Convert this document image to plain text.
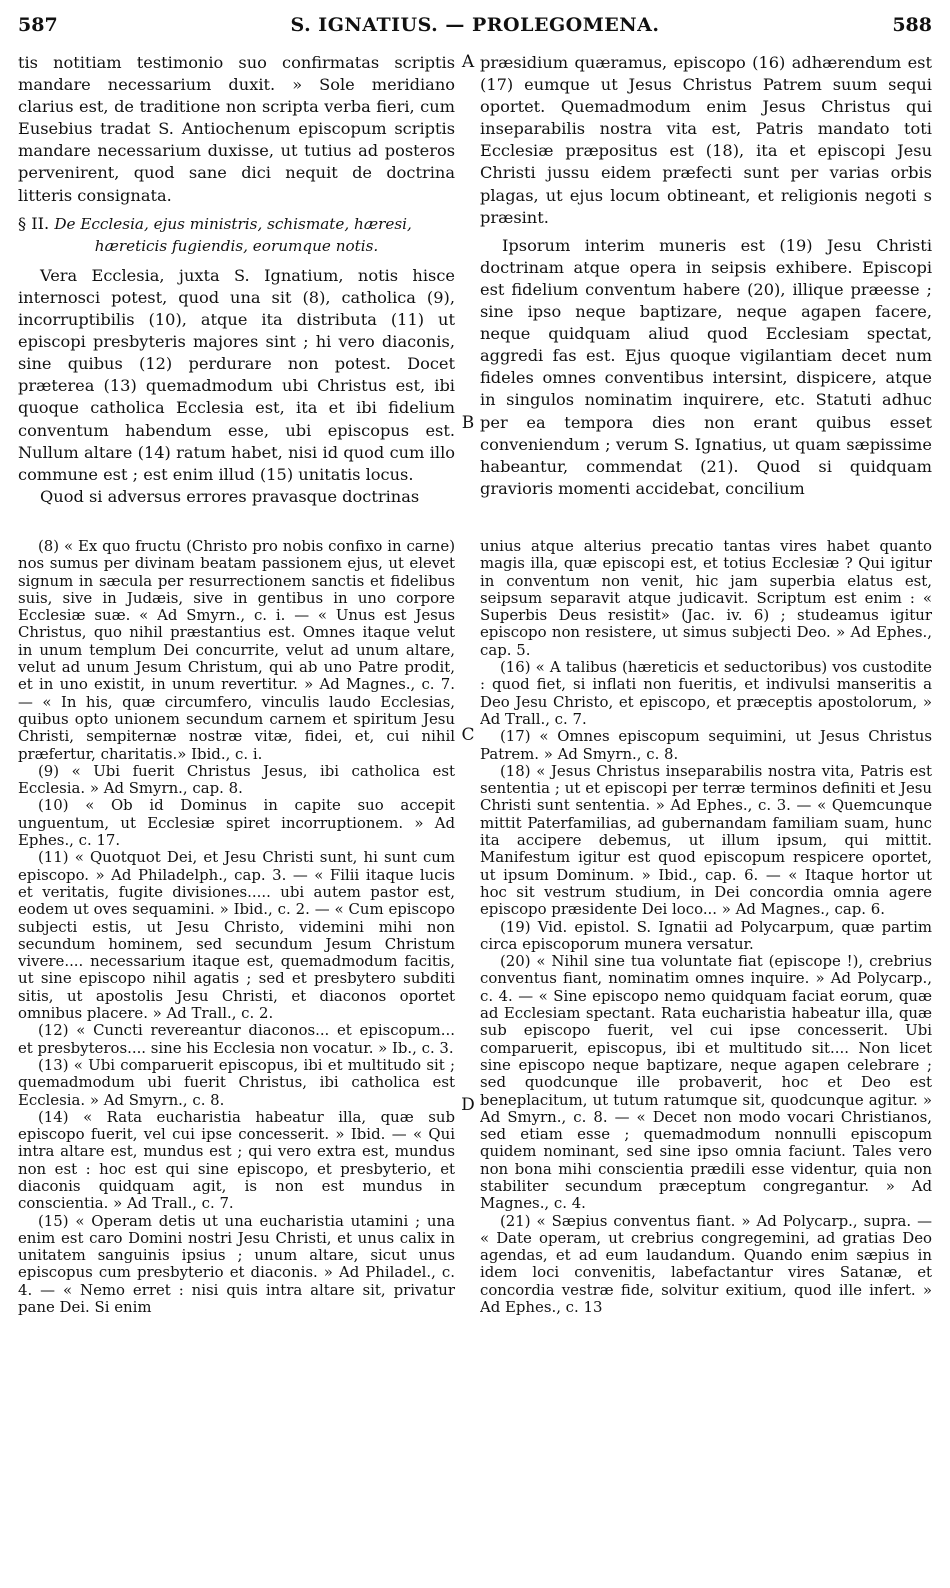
587	S. IGNATIUS. — PROLEGOMENA.	588

tis notitiam testimonio suo confirmatas scriptis mandare necessarium duxit. » Sole meridiano clarius est, de traditione non scripta verba fieri, cum Eusebius tradat S. Antiochenum episcopum scriptis mandare necessarium duxisse, ut tutius ad posteros pervenirent, quod sane dici nequit de doctrina litteris consignata.

§ II. De Ecclesia, ejus ministris, schismate, hæresi,
hæreticis fugiendis, eorumque notis.

Vera Ecclesia, juxta S. Ignatium, notis hisce internosci potest, quod una sit (8), catholica (9), incorruptibilis (10), atque ita distributa (11) ut episcopi presbyteris majores sint ; hi vero diaconis, sine quibus (12) perdurare non potest. Docet præterea (13) quemadmodum ubi Christus est, ibi quoque catholica Ecclesia est, ita et ibi fidelium conventum habendum esse, ubi episcopus est. Nullum altare (14) ratum habet, nisi id quod cum illo commune est ; est enim illud (15) unitatis locus.

Quod si adversus errores pravasque doctrinas

præsidium quæramus, episcopo (16) adhærendum est (17) eumque ut Jesus Christus Patrem suum sequi oportet. Quemadmodum enim Jesus Christus qui inseparabilis nostra vita est, Patris mandato toti Ecclesiæ præpositus est (18), ita et episcopi Jesu Christi jussu eidem præfecti sunt per varias orbis plagas, ut ejus locum obtineant, et religionis negoti s præsint.

Ipsorum interim muneris est (19) Jesu Christi doctrinam atque opera in seipsis exhibere. Episcopi est fidelium conventum habere (20), illique præesse ; sine ipso neque baptizare, neque agapen facere, neque quidquam aliud quod Ecclesiam spectat, aggredi fas est. Ejus quoque vigilantiam decet num fideles omnes conventibus intersint, dispicere, atque in singulos nominatim inquirere, etc. Statuti adhuc per ea tempora dies non erant quibus esset conveniendum ; verum S. Ignatius, ut quam sæpissime habeantur, commendat (21). Quod si quidquam gravioris momenti accidebat, concilium

(8) « Ex quo fructu (Christo pro nobis confixo in carne) nos sumus per divinam beatam passionem ejus, ut elevet signum in sæcula per resurrectionem sanctis et fidelibus suis, sive in Judæis, sive in gentibus in uno corpore Ecclesiæ suæ. « Ad Smyrn., c. i. — « Unus est Jesus Christus, quo nihil præstantius est. Omnes itaque velut in unum templum Dei concurrite, velut ad unum altare, velut ad unum Jesum Christum, qui ab uno Patre prodit, et in uno existit, in unum revertitur. » Ad Magnes., c. 7. — « In his, quæ circumfero, vinculis laudo Ecclesias, quibus opto unionem secundum carnem et spiritum Jesu Christi, sempiternæ nostræ vitæ, fidei, et, cui nihil præfertur, charitatis.» Ibid., c. i.

(9) « Ubi fuerit Christus Jesus, ibi catholica est Ecclesia. » Ad Smyrn., cap. 8.

(10) « Ob id Dominus in capite suo accepit unguentum, ut Ecclesiæ spiret incorruptionem. » Ad Ephes., c. 17.

(11) « Quotquot Dei, et Jesu Christi sunt, hi sunt cum episcopo. » Ad Philadelph., cap. 3. — « Filii itaque lucis et veritatis, fugite divisiones..... ubi autem pastor est, eodem ut oves sequamini. » Ibid., c. 2. — « Cum episcopo subjecti estis, ut Jesu Christo, videmini mihi non secundum hominem, sed secundum Jesum Christum vivere.... necessarium itaque est, quemadmodum facitis, ut sine episcopo nihil agatis ; sed et presbytero subditi sitis, ut apostolis Jesu Christi, et diaconos oportet omnibus placere. » Ad Trall., c. 2.

(12) « Cuncti revereantur diaconos... et episcopum... et presbyteros.... sine his Ecclesia non vocatur. » Ib., c. 3.

(13) « Ubi comparuerit episcopus, ibi et multitudo sit ; quemadmodum ubi fuerit Christus, ibi catholica est Ecclesia. » Ad Smyrn., c. 8.

(14) « Rata eucharistia habeatur illa, quæ sub episcopo fuerit, vel cui ipse concesserit. » Ibid. — « Qui intra altare est, mundus est ; qui vero extra est, mundus non est : hoc est qui sine episcopo, et presbyterio, et diaconis quidquam agit, is non est mundus in conscientia. » Ad Trall., c. 7.

(15) « Operam detis ut una eucharistia utamini ; una enim est caro Domini nostri Jesu Christi, et unus calix in unitatem sanguinis ipsius ; unum altare, sicut unus episcopus cum presbyterio et diaconis. » Ad Philadel., c. 4. — « Nemo erret : nisi quis intra altare sit, privatur pane Dei. Si enim

unius atque alterius precatio tantas vires habet quanto magis illa, quæ episcopi est, et totius Ecclesiæ ? Qui igitur in conventum non venit, hic jam superbia elatus est, seipsum separavit atque judicavit. Scriptum est enim : « Superbis Deus resistit» (Jac. iv. 6) ; studeamus igitur episcopo non resistere, ut simus subjecti Deo. » Ad Ephes., cap. 5.

(16) « A talibus (hæreticis et seductoribus) vos custodite : quod fiet, si inflati non fueritis, et indivulsi manseritis a Deo Jesu Christo, et episcopo, et præceptis apostolorum, » Ad Trall., c. 7.

(17) « Omnes episcopum sequimini, ut Jesus Christus Patrem. » Ad Smyrn., c. 8.

(18) « Jesus Christus inseparabilis nostra vita, Patris est sententia ; ut et episcopi per terræ terminos definiti et Jesu Christi sunt sententia. » Ad Ephes., c. 3. — « Quemcunque mittit Paterfamilias, ad gubernandam familiam suam, hunc ita accipere debemus, ut illum ipsum, qui mittit. Manifestum igitur est quod episcopum respicere oportet, ut ipsum Dominum. » Ibid., cap. 6. — « Itaque hortor ut hoc sit vestrum studium, in Dei concordia omnia agere episcopo præsidente Dei loco... » Ad Magnes., cap. 6.

(19) Vid. epistol. S. Ignatii ad Polycarpum, quæ partim circa episcoporum munera versatur.

(20) « Nihil sine tua voluntate fiat (episcope !), crebrius conventus fiant, nominatim omnes inquire. » Ad Polycarp., c. 4. — « Sine episcopo nemo quidquam faciat eorum, quæ ad Ecclesiam spectant. Rata eucharistia habeatur illa, quæ sub episcopo fuerit, vel cui ipse concesserit. Ubi comparuerit, episcopus, ibi et multitudo sit.... Non licet sine episcopo neque baptizare, neque agapen celebrare ; sed quodcunque ille probaverit, hoc et Deo est beneplacitum, ut tutum ratumque sit, quodcunque agitur. » Ad Smyrn., c. 8. — « Decet non modo vocari Christianos, sed etiam esse ; quemadmodum nonnulli episcopum quidem nominant, sed sine ipso omnia faciunt. Tales vero non bona mihi conscientia prædili esse videntur, quia non stabiliter secundum præceptum congregantur. » Ad Magnes., c. 4.

(21) « Sæpius conventus fiant. » Ad Polycarp., supra. — « Date operam, ut crebrius congregemini, ad gratias Deo agendas, et ad eum laudandum. Quando enim sæpius in idem loci convenitis, labefactantur vires Satanæ, et concordia vestræ fide, solvitur exitium, quod ille infert. » Ad Ephes., c. 13

A
B
C
D
